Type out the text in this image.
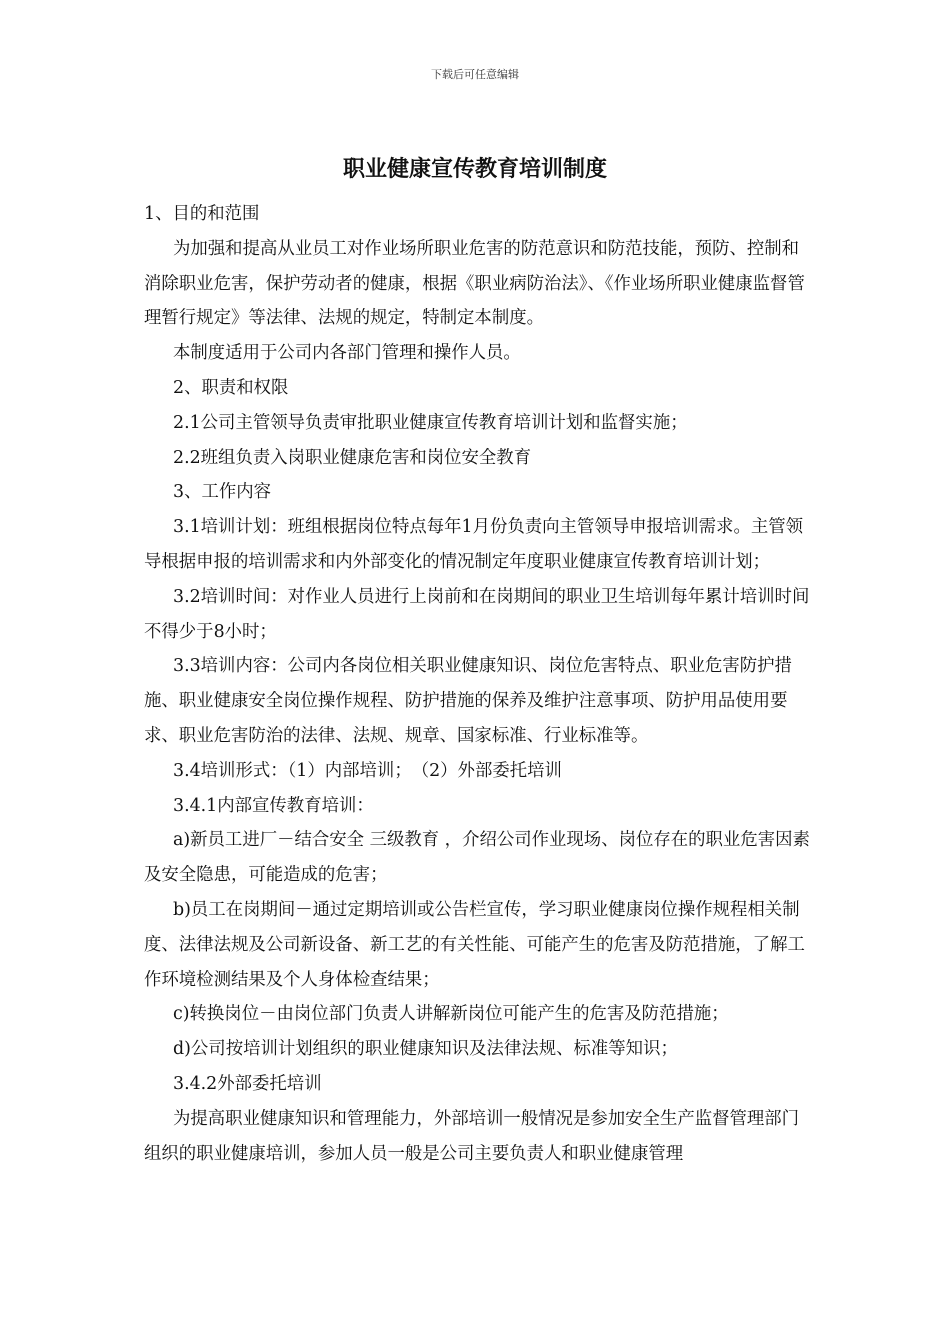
下载后可任意编辑
职业健康宣传教育培训制度

1、目的和范围

为加强和提高从业员工对作业场所职业危害的防范意识和防范技能，预防、控制和消除职业危害，保护劳动者的健康，根据《职业病防治法》、《作业场所职业健康监督管理暂行规定》等法律、法规的规定，特制定本制度。

本制度适用于公司内各部门管理和操作人员。

2、职责和权限

2.1公司主管领导负责审批职业健康宣传教育培训计划和监督实施；

2.2班组负责入岗职业健康危害和岗位安全教育

3、工作内容

3.1培训计划：班组根据岗位特点每年1月份负责向主管领导申报培训需求。主管领导根据申报的培训需求和内外部变化的情况制定年度职业健康宣传教育培训计划；

3.2培训时间：对作业人员进行上岗前和在岗期间的职业卫生培训每年累计培训时间不得少于8小时；

3.3培训内容：公司内各岗位相关职业健康知识、岗位危害特点、职业危害防护措施、职业健康安全岗位操作规程、防护措施的保养及维护注意事项、防护用品使用要求、职业危害防治的法律、法规、规章、国家标准、行业标准等。

3.4培训形式：（1）内部培训；　（2）外部委托培训

3.4.1内部宣传教育培训：

a)新员工进厂－结合安全 三级教育 ，介绍公司作业现场、岗位存在的职业危害因素及安全隐患，可能造成的危害；

b)员工在岗期间－通过定期培训或公告栏宣传，学习职业健康岗位操作规程相关制度、法律法规及公司新设备、新工艺的有关性能、可能产生的危害及防范措施，了解工作环境检测结果及个人身体检查结果；

c)转换岗位－由岗位部门负责人讲解新岗位可能产生的危害及防范措施；

d)公司按培训计划组织的职业健康知识及法律法规、标准等知识；

3.4.2外部委托培训

为提高职业健康知识和管理能力，外部培训一般情况是参加安全生产监督管理部门组织的职业健康培训，参加人员一般是公司主要负责人和职业健康管理
